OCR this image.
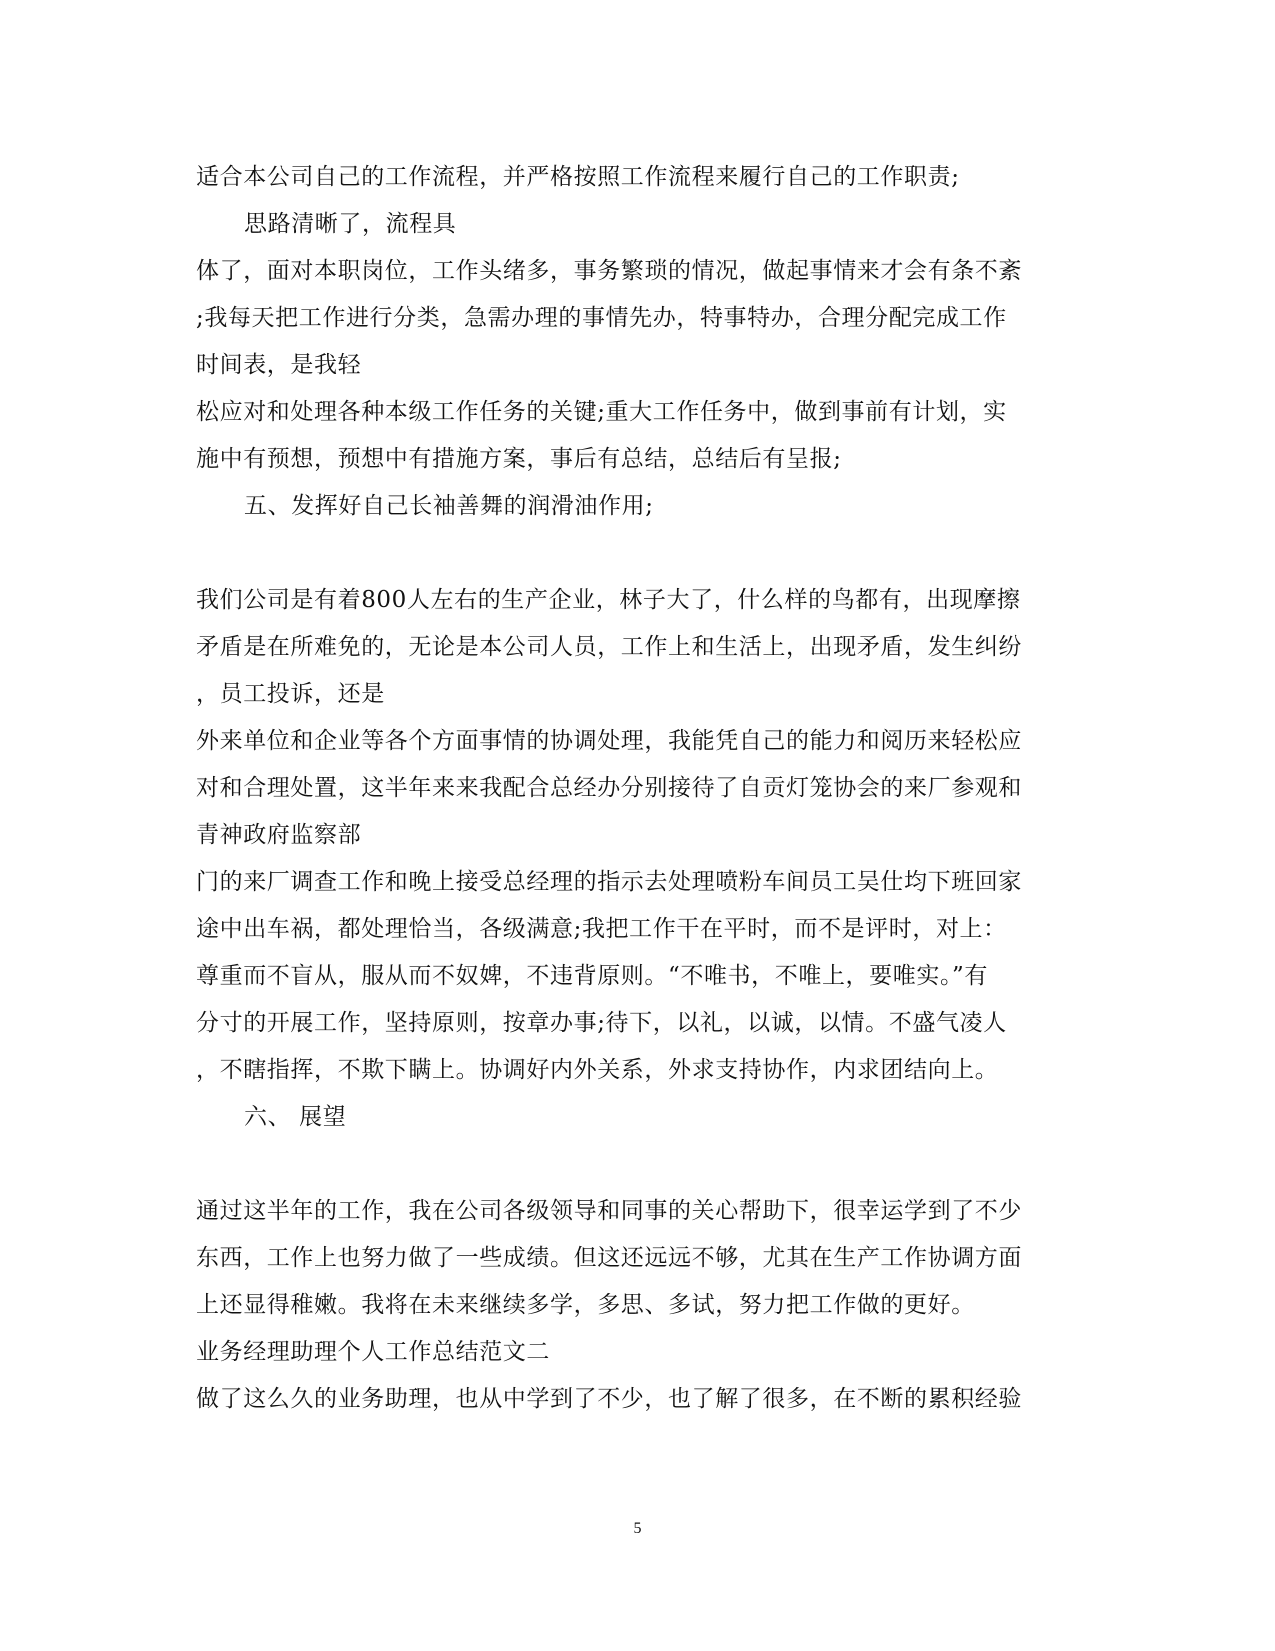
适合本公司自己的工作流程，并严格按照工作流程来履行自己的工作职责;
思路清晰了，流程具
体了，面对本职岗位，工作头绪多，事务繁琐的情况，做起事情来才会有条不紊
;我每天把工作进行分类，急需办理的事情先办，特事特办，合理分配完成工作
时间表，是我轻
松应对和处理各种本级工作任务的关键;重大工作任务中，做到事前有计划，实
施中有预想，预想中有措施方案，事后有总结，总结后有呈报;
五、发挥好自己长袖善舞的润滑油作用;
我们公司是有着800人左右的生产企业，林子大了，什么样的鸟都有，出现摩擦
矛盾是在所难免的，无论是本公司人员，工作上和生活上，出现矛盾，发生纠纷
，员工投诉，还是
外来单位和企业等各个方面事情的协调处理，我能凭自己的能力和阅历来轻松应
对和合理处置，这半年来来我配合总经办分别接待了自贡灯笼协会的来厂参观和
青神政府监察部
门的来厂调查工作和晚上接受总经理的指示去处理喷粉车间员工吴仕均下班回家
途中出车祸，都处理恰当，各级满意;我把工作干在平时，而不是评时，对上：
尊重而不盲从，服从而不奴婢，不违背原则。“不唯书，不唯上，要唯实。”有
分寸的开展工作，坚持原则，按章办事;待下，以礼，以诚，以情。不盛气凌人
，不瞎指挥，不欺下瞒上。协调好内外关系，外求支持协作，内求团结向上。
六、 展望
通过这半年的工作，我在公司各级领导和同事的关心帮助下，很幸运学到了不少
东西，工作上也努力做了一些成绩。但这还远远不够，尤其在生产工作协调方面
上还显得稚嫩。我将在未来继续多学，多思、多试，努力把工作做的更好。
业务经理助理个人工作总结范文二
做了这么久的业务助理，也从中学到了不少，也了解了很多，在不断的累积经验
5
